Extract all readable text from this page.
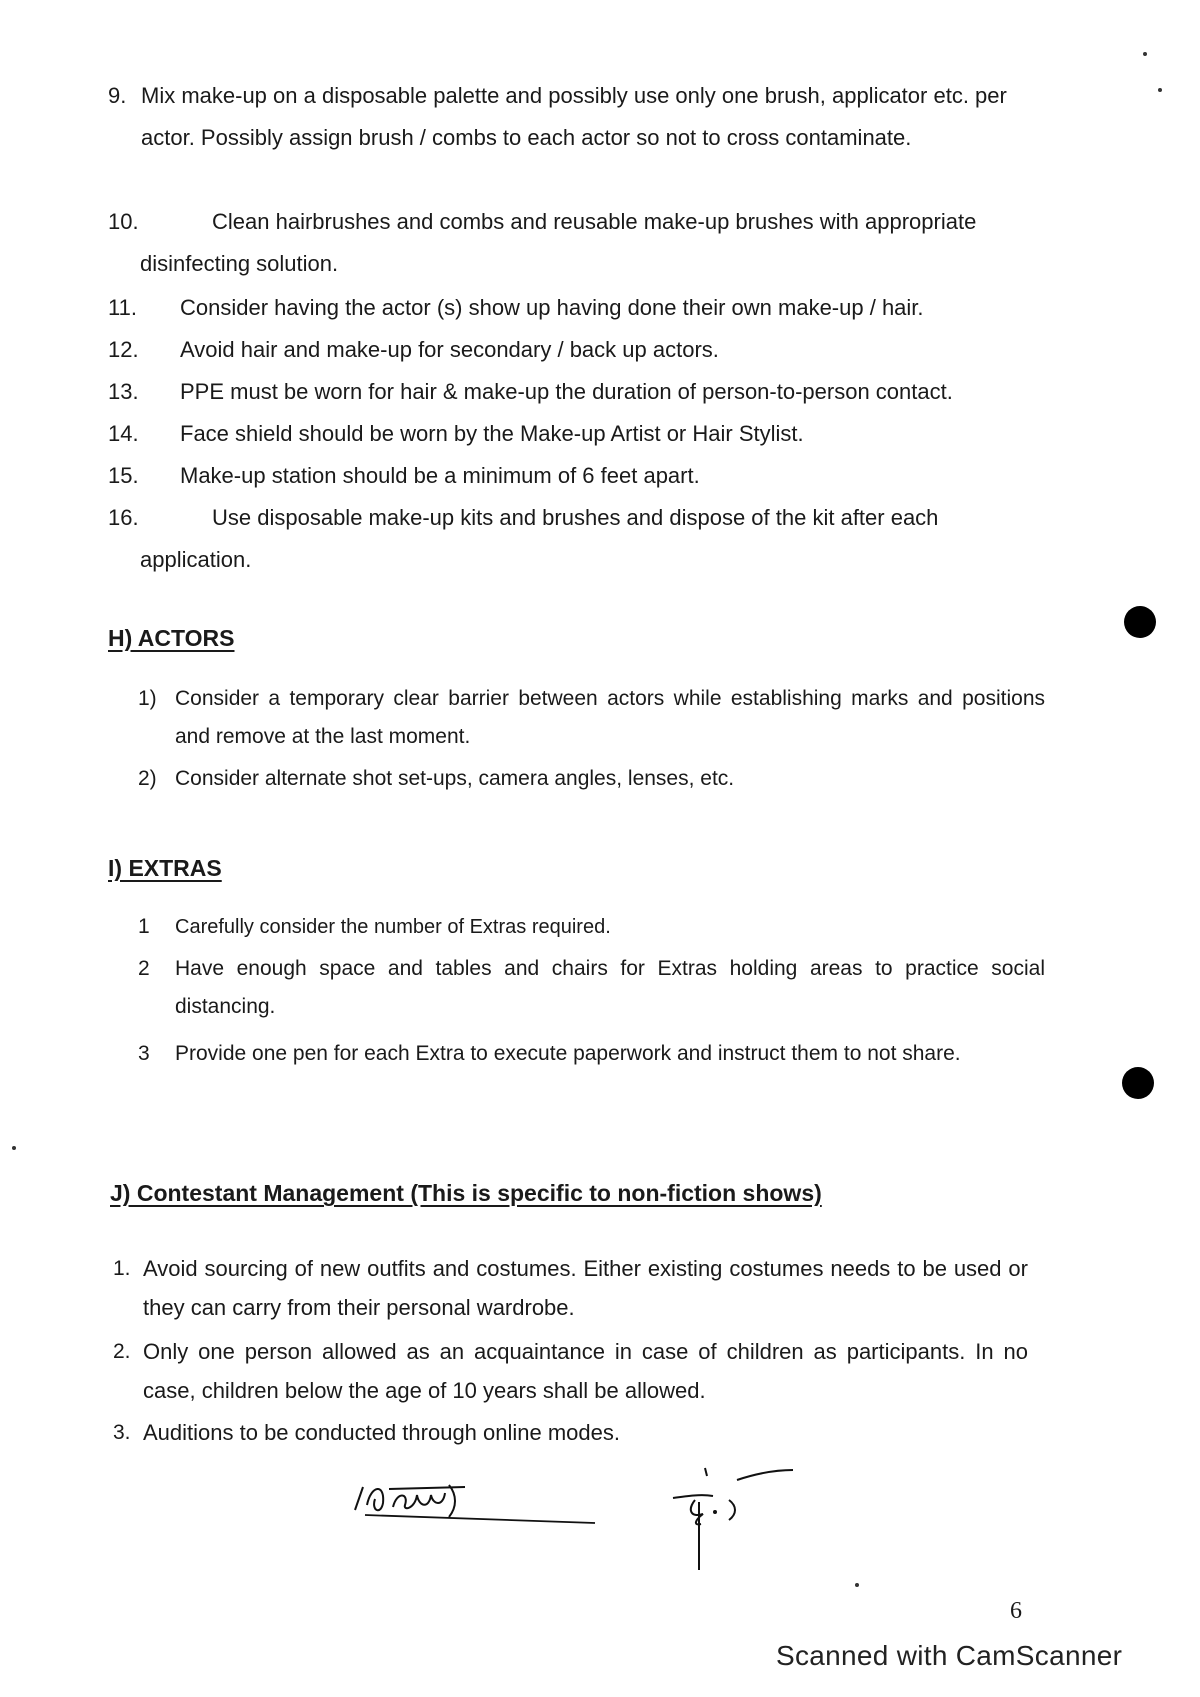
9. Mix make-up on a disposable palette and possibly use only one brush, applicator etc. per actor. Possibly assign brush / combs to each actor so not to cross contaminate.
10.	Clean hairbrushes and combs and reusable make-up brushes with appropriate disinfecting solution.
11.	Consider having the actor (s) show up having done their own make-up / hair.
12.	Avoid hair and make-up for secondary / back up actors.
13.	PPE must be worn for hair & make-up the duration of person-to-person contact.
14.	Face shield should be worn by the Make-up Artist or Hair Stylist.
15.	Make-up station should be a minimum of 6 feet apart.
16.	Use disposable make-up kits and brushes and dispose of the kit after each application.
H) ACTORS
1) Consider a temporary clear barrier between actors while establishing marks and positions and remove at the last moment.
2) Consider alternate shot set-ups, camera angles, lenses, etc.
I) EXTRAS
1 Carefully consider the number of Extras required.
2 Have enough space and tables and chairs for Extras holding areas to practice social distancing.
3 Provide one pen for each Extra to execute paperwork and instruct them to not share.
J) Contestant Management (This is specific to non-fiction shows)
1. Avoid sourcing of new outfits and costumes. Either existing costumes needs to be used or they can carry from their personal wardrobe.
2. Only one person allowed as an acquaintance in case of children as participants. In no case, children below the age of 10 years shall be allowed.
3. Auditions to be conducted through online modes.
6
Scanned with CamScanner
